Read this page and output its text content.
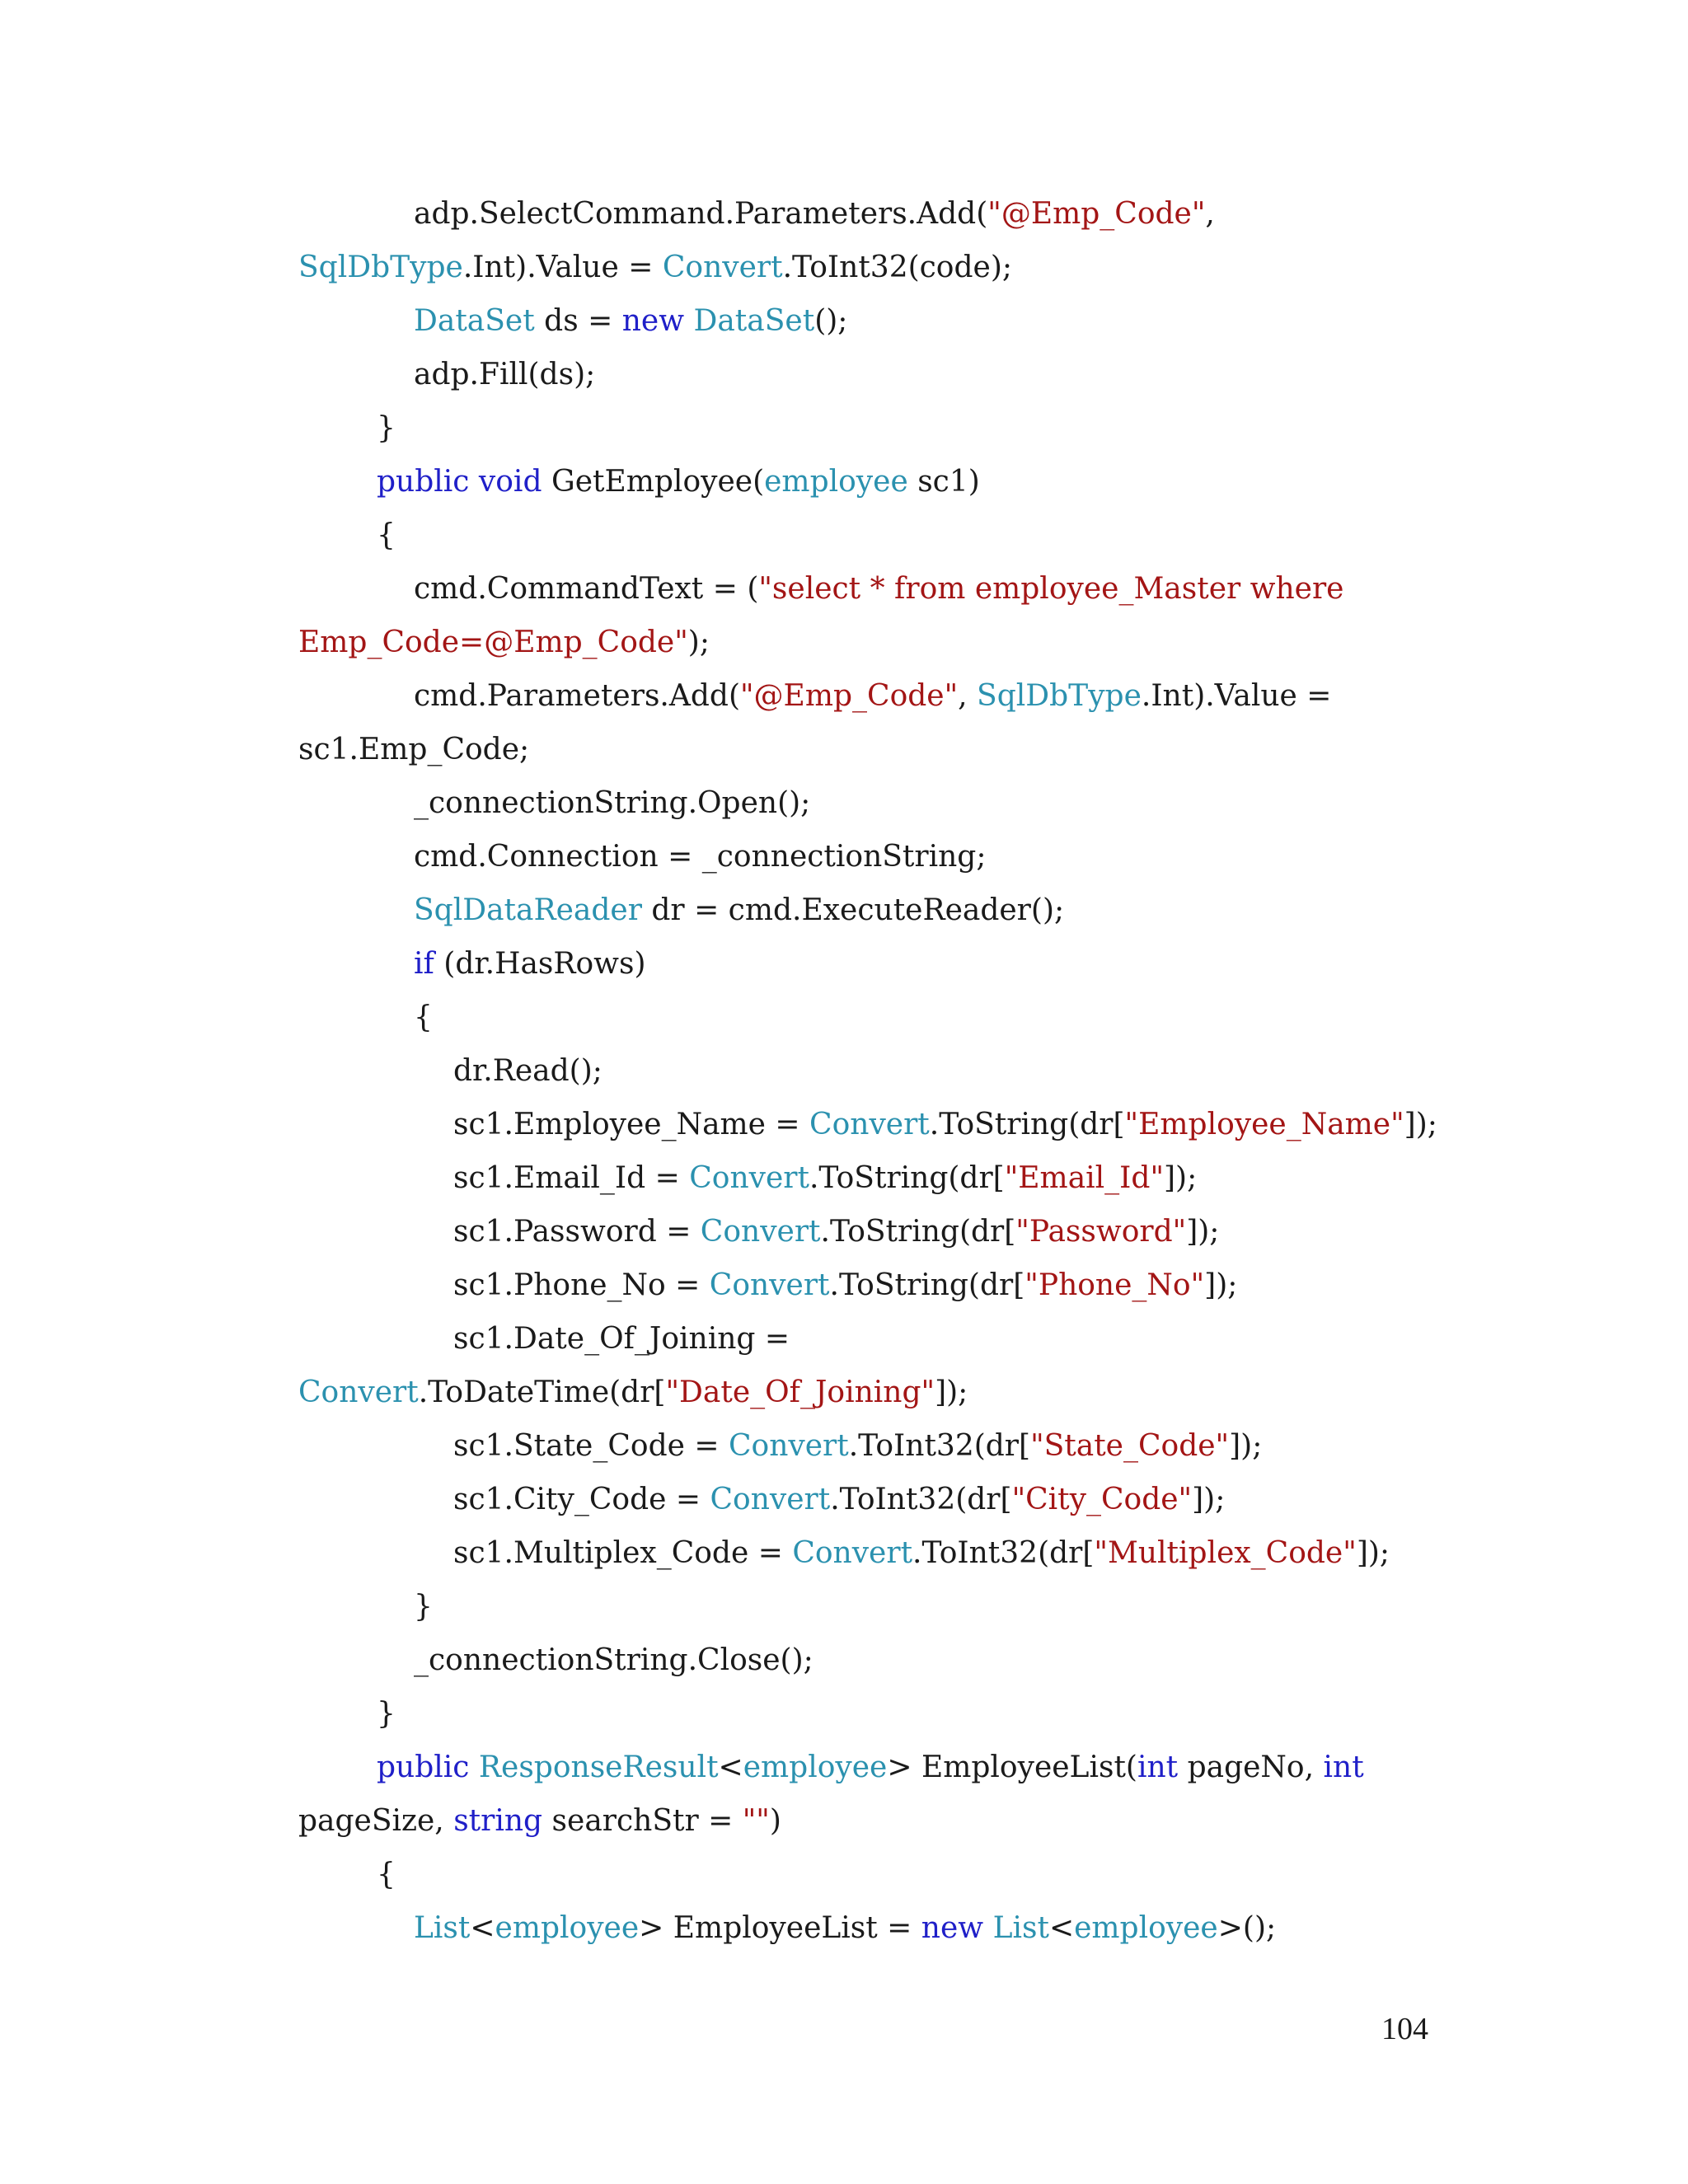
adp.SelectCommand.Parameters.Add("@Emp_Code",
SqlDbType.Int).Value = Convert.ToInt32(code);
DataSet ds = new DataSet();
adp.Fill(ds);
}
public void GetEmployee(employee sc1)
{
cmd.CommandText = ("select * from employee_Master where
Emp_Code=@Emp_Code");
cmd.Parameters.Add("@Emp_Code", SqlDbType.Int).Value =
sc1.Emp_Code;
_connectionString.Open();
cmd.Connection = _connectionString;
SqlDataReader dr = cmd.ExecuteReader();
if (dr.HasRows)
{
dr.Read();
sc1.Employee_Name = Convert.ToString(dr["Employee_Name"]);
sc1.Email_Id = Convert.ToString(dr["Email_Id"]);
sc1.Password = Convert.ToString(dr["Password"]);
sc1.Phone_No = Convert.ToString(dr["Phone_No"]);
sc1.Date_Of_Joining =
Convert.ToDateTime(dr["Date_Of_Joining"]);
sc1.State_Code = Convert.ToInt32(dr["State_Code"]);
sc1.City_Code = Convert.ToInt32(dr["City_Code"]);
sc1.Multiplex_Code = Convert.ToInt32(dr["Multiplex_Code"]);
}
_connectionString.Close();
}
public ResponseResult<employee> EmployeeList(int pageNo, int
pageSize, string searchStr = "")
{
List<employee> EmployeeList = new List<employee>();
104
